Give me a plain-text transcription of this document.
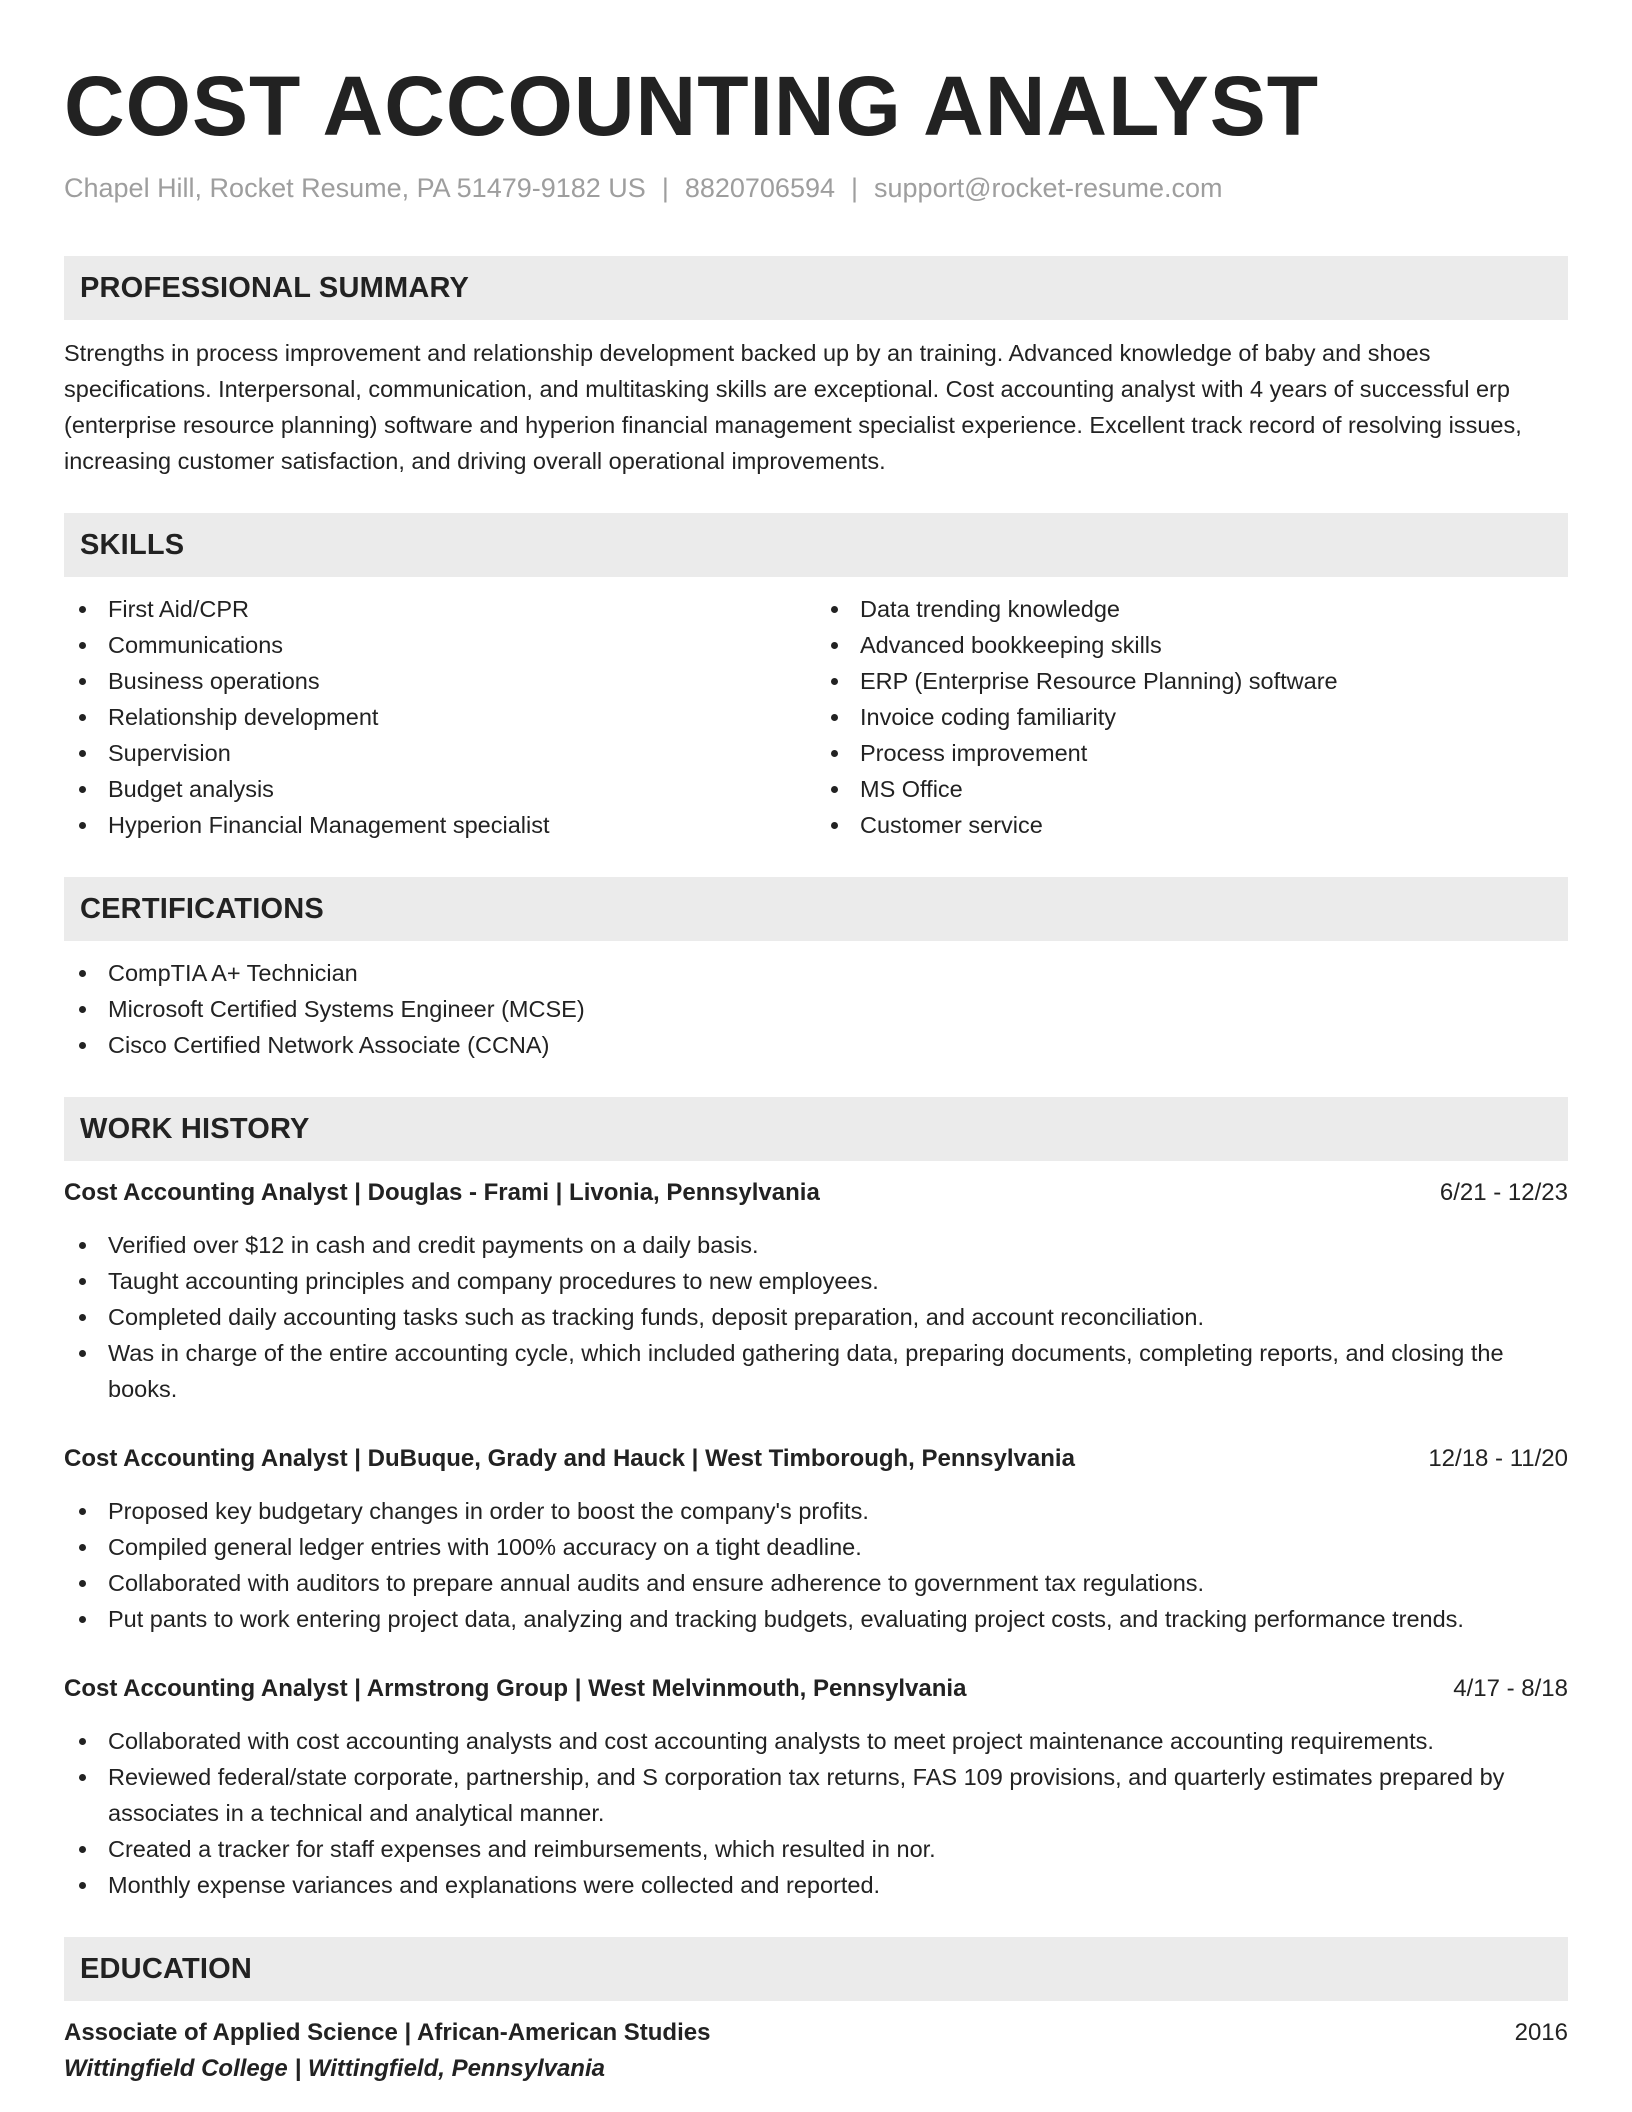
COST ACCOUNTING ANALYST
Chapel Hill, Rocket Resume, PA 51479-9182 US | 8820706594 | support@rocket-resume.com
PROFESSIONAL SUMMARY
Strengths in process improvement and relationship development backed up by an training. Advanced knowledge of baby and shoes specifications. Interpersonal, communication, and multitasking skills are exceptional. Cost accounting analyst with 4 years of successful erp (enterprise resource planning) software and hyperion financial management specialist experience. Excellent track record of resolving issues, increasing customer satisfaction, and driving overall operational improvements.
SKILLS
First Aid/CPR
Communications
Business operations
Relationship development
Supervision
Budget analysis
Hyperion Financial Management specialist
Data trending knowledge
Advanced bookkeeping skills
ERP (Enterprise Resource Planning) software
Invoice coding familiarity
Process improvement
MS Office
Customer service
CERTIFICATIONS
CompTIA A+ Technician
Microsoft Certified Systems Engineer (MCSE)
Cisco Certified Network Associate (CCNA)
WORK HISTORY
Cost Accounting Analyst | Douglas - Frami | Livonia, Pennsylvania	6/21 - 12/23
Verified over $12 in cash and credit payments on a daily basis.
Taught accounting principles and company procedures to new employees.
Completed daily accounting tasks such as tracking funds, deposit preparation, and account reconciliation.
Was in charge of the entire accounting cycle, which included gathering data, preparing documents, completing reports, and closing the books.
Cost Accounting Analyst | DuBuque, Grady and Hauck | West Timborough, Pennsylvania	12/18 - 11/20
Proposed key budgetary changes in order to boost the company's profits.
Compiled general ledger entries with 100% accuracy on a tight deadline.
Collaborated with auditors to prepare annual audits and ensure adherence to government tax regulations.
Put pants to work entering project data, analyzing and tracking budgets, evaluating project costs, and tracking performance trends.
Cost Accounting Analyst | Armstrong Group | West Melvinmouth, Pennsylvania	4/17 - 8/18
Collaborated with cost accounting analysts and cost accounting analysts to meet project maintenance accounting requirements.
Reviewed federal/state corporate, partnership, and S corporation tax returns, FAS 109 provisions, and quarterly estimates prepared by associates in a technical and analytical manner.
Created a tracker for staff expenses and reimbursements, which resulted in nor.
Monthly expense variances and explanations were collected and reported.
EDUCATION
Associate of Applied Science | African-American Studies	2016
Wittingfield College | Wittingfield, Pennsylvania
